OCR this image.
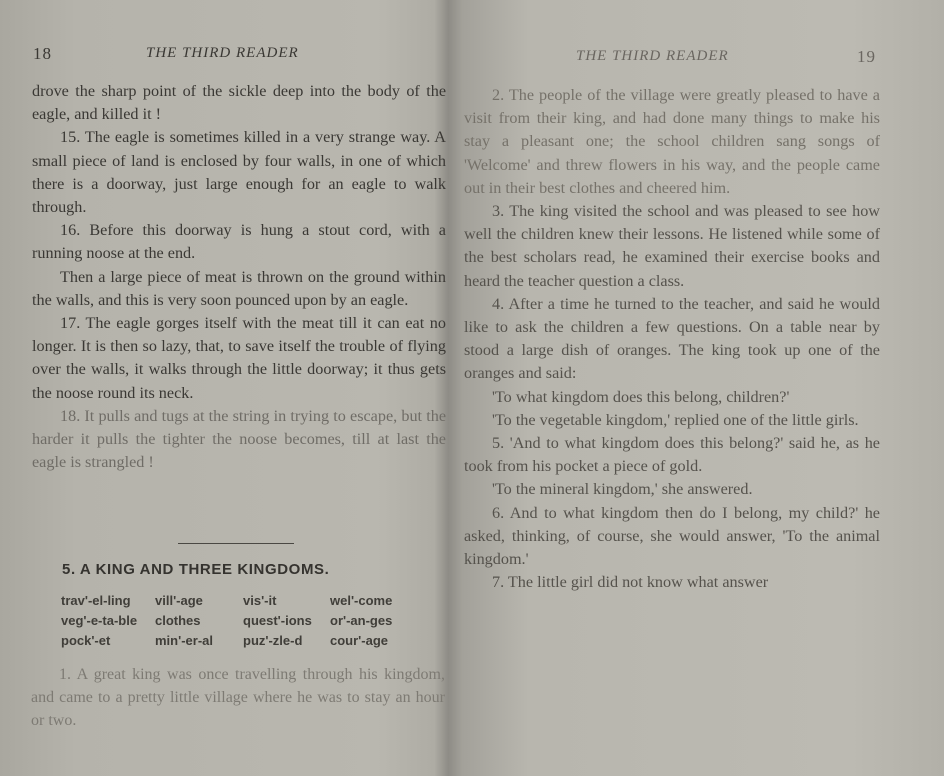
18	THE THIRD READER

drove the sharp point of the sickle deep into the body of the eagle, and killed it !

15. The eagle is sometimes killed in a very strange way. A small piece of land is enclosed by four walls, in one of which there is a doorway, just large enough for an eagle to walk through.

16. Before this doorway is hung a stout cord, with a running noose at the end.

Then a large piece of meat is thrown on the ground within the walls, and this is very soon pounced upon by an eagle.

17. The eagle gorges itself with the meat till it can eat no longer. It is then so lazy, that, to save itself the trouble of flying over the walls, it walks through the little doorway; it thus gets the noose round its neck.

18. It pulls and tugs at the string in trying to escape, but the harder it pulls the tighter the noose becomes, till at last the eagle is strangled !

5. A KING AND THREE KINGDOMS.
trav'-el-ling	vill'-age	vis'-it	wel'-come
veg'-e-ta-ble	clothes	quest'-ions	or'-an-ges
pock'-et	min'-er-al	puz'-zle-d	cour'-age

1. A great king was once travelling through his kingdom, and came to a pretty little village where he was to stay an hour or two.

THE THIRD READER	19

2. The people of the village were greatly pleased to have a visit from their king, and had done many things to make his stay a pleasant one; the school children sang songs of 'Welcome' and threw flowers in his way, and the people came out in their best clothes and cheered him.

3. The king visited the school and was pleased to see how well the children knew their lessons. He listened while some of the best scholars read, he examined their exercise books and heard the teacher question a class.

4. After a time he turned to the teacher, and said he would like to ask the children a few questions. On a table near by stood a large dish of oranges. The king took up one of the oranges and said:

'To what kingdom does this belong, children?'

'To the vegetable kingdom,' replied one of the little girls.

5. 'And to what kingdom does this belong?' said he, as he took from his pocket a piece of gold.

'To the mineral kingdom,' she answered.

6. And to what kingdom then do I belong, my child?' he asked, thinking, of course, she would answer, 'To the animal kingdom.'

7. The little girl did not know what answer
